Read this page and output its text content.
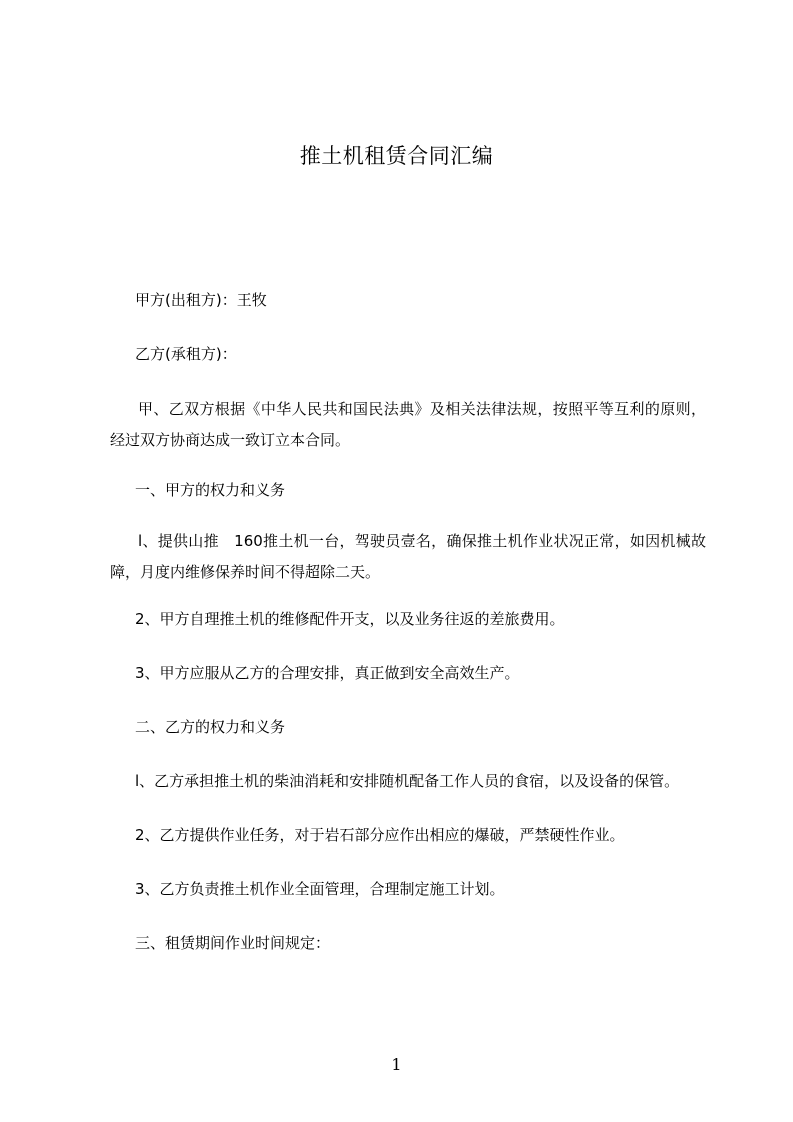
推土机租赁合同汇编
甲方(出租方)：王牧
乙方(承租方)：
甲、乙双方根据《中华人民共和国民法典》及相关法律法规，按照平等互利的原则，经过双方协商达成一致订立本合同。
一、甲方的权力和义务
l、提供山推　160推土机一台，驾驶员壹名，确保推土机作业状况正常，如因机械故障，月度内维修保养时间不得超除二天。
2、甲方自理推土机的维修配件开支，以及业务往返的差旅费用。
3、甲方应服从乙方的合理安排，真正做到安全高效生产。
二、乙方的权力和义务
l、乙方承担推土机的柴油消耗和安排随机配备工作人员的食宿，以及设备的保管。
2、乙方提供作业任务，对于岩石部分应作出相应的爆破，严禁硬性作业。
3、乙方负责推土机作业全面管理，合理制定施工计划。
三、租赁期间作业时间规定：
1
